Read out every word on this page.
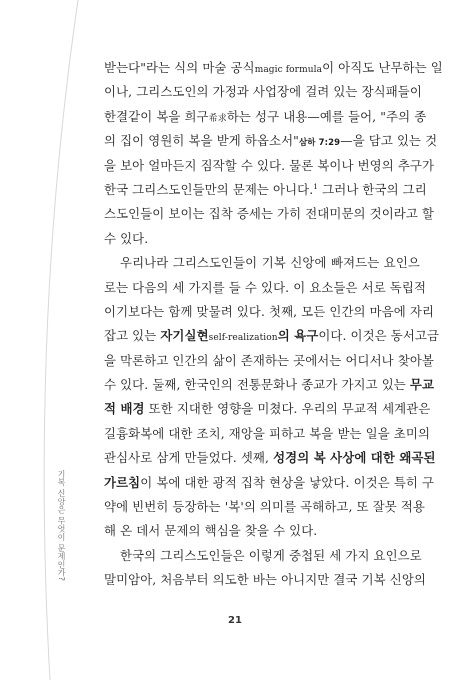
기복 신앙은 무엇이 문제인가?
받는다"라는 식의 마술 공식magic formula이 아직도 난무하는 일
이나, 그리스도인의 가정과 사업장에 걸려 있는 장식패들이
한결같이 복을 희구希求하는 성구 내용—예를 들어, "주의 종
의 집이 영원히 복을 받게 하옵소서"삼하 7:29—을 담고 있는 것
을 보아 얼마든지 짐작할 수 있다. 물론 복이나 번영의 추구가
한국 그리스도인들만의 문제는 아니다.$^1$ 그러나 한국의 그리
스도인들이 보이는 집착 증세는 가히 전대미문의 것이라고 할
수 있다.
우리나라 그리스도인들이 기복 신앙에 빠져드는 요인으
로는 다음의 세 가지를 들 수 있다. 이 요소들은 서로 독립적
이기보다는 함께 맞물려 있다. 첫째, 모든 인간의 마음에 자리
잡고 있는 자기실현self-realization의 욕구이다. 이것은 동서고금
을 막론하고 인간의 삶이 존재하는 곳에서는 어디서나 찾아볼
수 있다. 둘째, 한국인의 전통문화나 종교가 가지고 있는 무교
적 배경 또한 지대한 영향을 미쳤다. 우리의 무교적 세계관은
길흉화복에 대한 조치, 재앙을 피하고 복을 받는 일을 초미의
관심사로 삼게 만들었다. 셋째, 성경의 복 사상에 대한 왜곡된
가르침이 복에 대한 광적 집착 현상을 낳았다. 이것은 특히 구
약에 빈번히 등장하는 '복'의 의미를 곡해하고, 또 잘못 적용
해 온 데서 문제의 핵심을 찾을 수 있다.
한국의 그리스도인들은 이렇게 중첩된 세 가지 요인으로
말미암아, 처음부터 의도한 바는 아니지만 결국 기복 신앙의
21
